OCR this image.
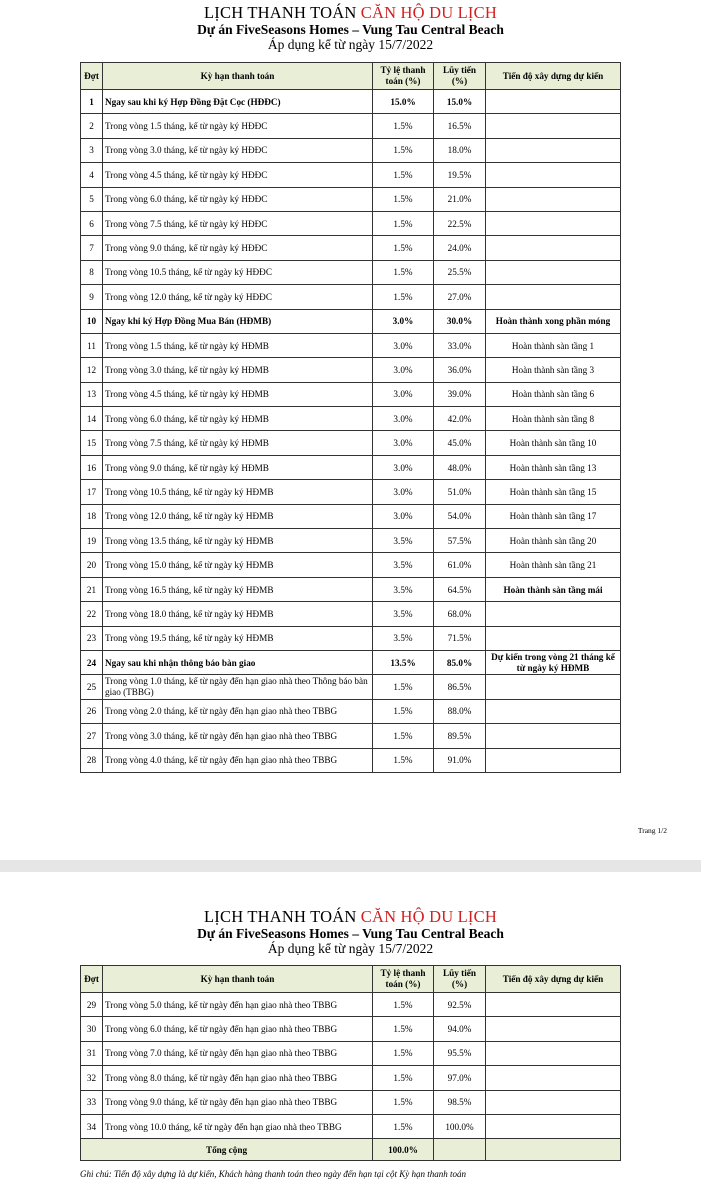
LỊCH THANH TOÁN CĂN HỘ DU LỊCH
Dự án FiveSeasons Homes – Vung Tau Central Beach
Áp dụng kể từ ngày 15/7/2022
Đợt	Kỳ hạn thanh toán	Tỷ lệ thanh toán (%)	Lũy tiến (%)	Tiến độ xây dựng dự kiến
1	Ngay sau khi ký Hợp Đồng Đặt Cọc (HĐĐC)	15.0%	15.0%	
2	Trong vòng 1.5 tháng, kể từ ngày ký HĐĐC	1.5%	16.5%	
3	Trong vòng 3.0 tháng, kể từ ngày ký HĐĐC	1.5%	18.0%	
4	Trong vòng 4.5 tháng, kể từ ngày ký HĐĐC	1.5%	19.5%	
5	Trong vòng 6.0 tháng, kể từ ngày ký HĐĐC	1.5%	21.0%	
6	Trong vòng 7.5 tháng, kể từ ngày ký HĐĐC	1.5%	22.5%	
7	Trong vòng 9.0 tháng, kể từ ngày ký HĐĐC	1.5%	24.0%	
8	Trong vòng 10.5 tháng, kể từ ngày ký HĐĐC	1.5%	25.5%	
9	Trong vòng 12.0 tháng, kể từ ngày ký HĐĐC	1.5%	27.0%	
10	Ngay khi ký Hợp Đồng Mua Bán (HĐMB)	3.0%	30.0%	Hoàn thành xong phần móng
11	Trong vòng 1.5 tháng, kể từ ngày ký HĐMB	3.0%	33.0%	Hoàn thành sàn tầng 1
12	Trong vòng 3.0 tháng, kể từ ngày ký HĐMB	3.0%	36.0%	Hoàn thành sàn tầng 3
13	Trong vòng 4.5 tháng, kể từ ngày ký HĐMB	3.0%	39.0%	Hoàn thành sàn tầng 6
14	Trong vòng 6.0 tháng, kể từ ngày ký HĐMB	3.0%	42.0%	Hoàn thành sàn tầng 8
15	Trong vòng 7.5 tháng, kể từ ngày ký HĐMB	3.0%	45.0%	Hoàn thành sàn tầng 10
16	Trong vòng 9.0 tháng, kể từ ngày ký HĐMB	3.0%	48.0%	Hoàn thành sàn tầng 13
17	Trong vòng 10.5 tháng, kể từ ngày ký HĐMB	3.0%	51.0%	Hoàn thành sàn tầng 15
18	Trong vòng 12.0 tháng, kể từ ngày ký HĐMB	3.0%	54.0%	Hoàn thành sàn tầng 17
19	Trong vòng 13.5 tháng, kể từ ngày ký HĐMB	3.5%	57.5%	Hoàn thành sàn tầng 20
20	Trong vòng 15.0 tháng, kể từ ngày ký HĐMB	3.5%	61.0%	Hoàn thành sàn tầng 21
21	Trong vòng 16.5 tháng, kể từ ngày ký HĐMB	3.5%	64.5%	Hoàn thành sàn tầng mái
22	Trong vòng 18.0 tháng, kể từ ngày ký HĐMB	3.5%	68.0%	
23	Trong vòng 19.5 tháng, kể từ ngày ký HĐMB	3.5%	71.5%	
24	Ngay sau khi nhận thông báo bàn giao	13.5%	85.0%	Dự kiến trong vòng 21 tháng kể từ ngày ký HĐMB
25	Trong vòng 1.0 tháng, kể từ ngày đến hạn giao nhà theo Thông báo bàn giao (TBBG)	1.5%	86.5%	
26	Trong vòng 2.0 tháng, kể từ ngày đến hạn giao nhà theo TBBG	1.5%	88.0%	
27	Trong vòng 3.0 tháng, kể từ ngày đến hạn giao nhà theo TBBG	1.5%	89.5%	
28	Trong vòng 4.0 tháng, kể từ ngày đến hạn giao nhà theo TBBG	1.5%	91.0%	
Trang 1/2
LỊCH THANH TOÁN CĂN HỘ DU LỊCH
Dự án FiveSeasons Homes – Vung Tau Central Beach
Áp dụng kể từ ngày 15/7/2022
Đợt	Kỳ hạn thanh toán	Tỷ lệ thanh toán (%)	Lũy tiến (%)	Tiến độ xây dựng dự kiến
29	Trong vòng 5.0 tháng, kể từ ngày đến hạn giao nhà theo TBBG	1.5%	92.5%	
30	Trong vòng 6.0 tháng, kể từ ngày đến hạn giao nhà theo TBBG	1.5%	94.0%	
31	Trong vòng 7.0 tháng, kể từ ngày đến hạn giao nhà theo TBBG	1.5%	95.5%	
32	Trong vòng 8.0 tháng, kể từ ngày đến hạn giao nhà theo TBBG	1.5%	97.0%	
33	Trong vòng 9.0 tháng, kể từ ngày đến hạn giao nhà theo TBBG	1.5%	98.5%	
34	Trong vòng 10.0 tháng, kể từ ngày đến hạn giao nhà theo TBBG	1.5%	100.0%	
Tổng cộng		100.0%		
Ghi chú: Tiến độ xây dựng là dự kiến, Khách hàng thanh toán theo ngày đến hạn tại cột Kỳ hạn thanh toán
